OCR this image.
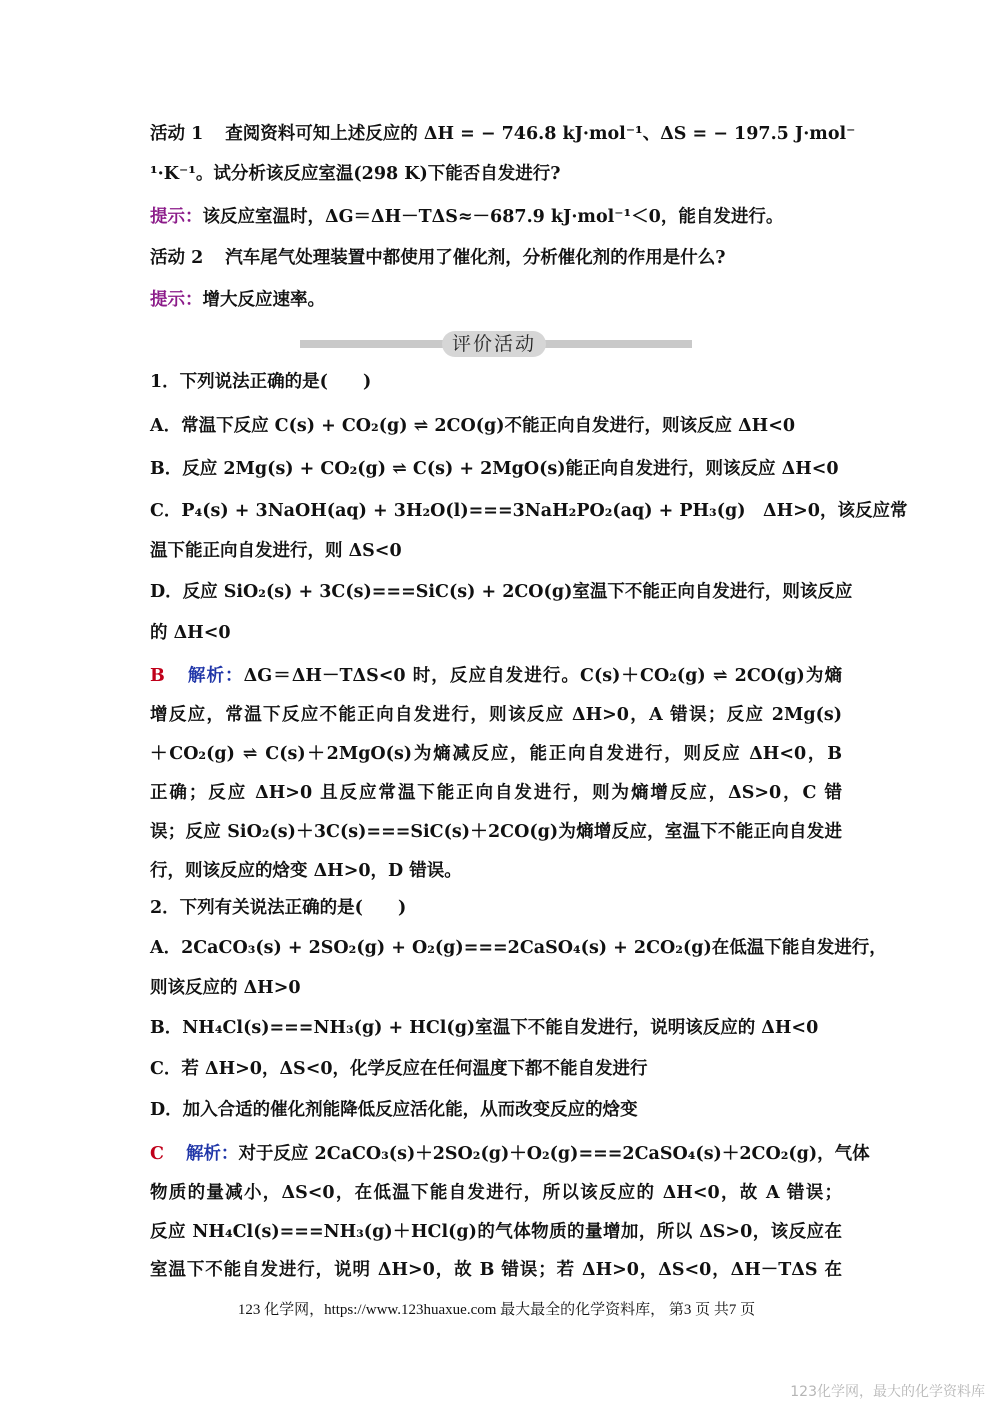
活动 1 查阅资料可知上述反应的 ΔH = − 746.8 kJ·mol⁻¹、ΔS = − 197.5 J·mol⁻
¹·K⁻¹。试分析该反应室温(298 K)下能否自发进行?
提示：该反应室温时，ΔG＝ΔH－TΔS≈－687.9 kJ·mol⁻¹＜0，能自发进行。
活动 2 汽车尾气处理装置中都使用了催化剂，分析催化剂的作用是什么?
提示：增大反应速率。
1．下列说法正确的是(　　)
A．常温下反应 C(s) + CO₂(g) ⇌ 2CO(g)不能正向自发进行，则该反应 ΔH<0
B．反应 2Mg(s) + CO₂(g) ⇌ C(s) + 2MgO(s)能正向自发进行，则该反应 ΔH<0
C．P₄(s) + 3NaOH(aq) + 3H₂O(l)===3NaH₂PO₂(aq) + PH₃(g)　ΔH>0，该反应常
温下能正向自发进行，则 ΔS<0
D．反应 SiO₂(s) + 3C(s)===SiC(s) + 2CO(g)室温下不能正向自发进行，则该反应
的 ΔH<0
B 解析：ΔG＝ΔH－TΔS<0 时，反应自发进行。C(s)＋CO₂(g) ⇌ 2CO(g)为熵
增反应，常温下反应不能正向自发进行，则该反应 ΔH>0，A 错误；反应 2Mg(s)
＋CO₂(g) ⇌ C(s)＋2MgO(s)为熵减反应，能正向自发进行，则反应 ΔH<0，B
正确；反应 ΔH>0 且反应常温下能正向自发进行，则为熵增反应，ΔS>0，C 错
误；反应 SiO₂(s)＋3C(s)===SiC(s)＋2CO(g)为熵增反应，室温下不能正向自发进
行，则该反应的焓变 ΔH>0，D 错误。
2．下列有关说法正确的是(　　)
A．2CaCO₃(s) + 2SO₂(g) + O₂(g)===2CaSO₄(s) + 2CO₂(g)在低温下能自发进行，
则该反应的 ΔH>0
B．NH₄Cl(s)===NH₃(g) + HCl(g)室温下不能自发进行，说明该反应的 ΔH<0
C．若 ΔH>0，ΔS<0，化学反应在任何温度下都不能自发进行
D．加入合适的催化剂能降低反应活化能，从而改变反应的焓变
C 解析：对于反应 2CaCO₃(s)＋2SO₂(g)＋O₂(g)===2CaSO₄(s)＋2CO₂(g)，气体
物质的量减小，ΔS<0，在低温下能自发进行，所以该反应的 ΔH<0，故 A 错误；
反应 NH₄Cl(s)===NH₃(g)＋HCl(g)的气体物质的量增加，所以 ΔS>0，该反应在
室温下不能自发进行，说明 ΔH>0，故 B 错误；若 ΔH>0，ΔS<0，ΔH－TΔS 在
评价活动
123 化学网，https://www.123huaxue.com 最大最全的化学资料库， 第3 页 共7 页
123化学网，最大的化学资料库
